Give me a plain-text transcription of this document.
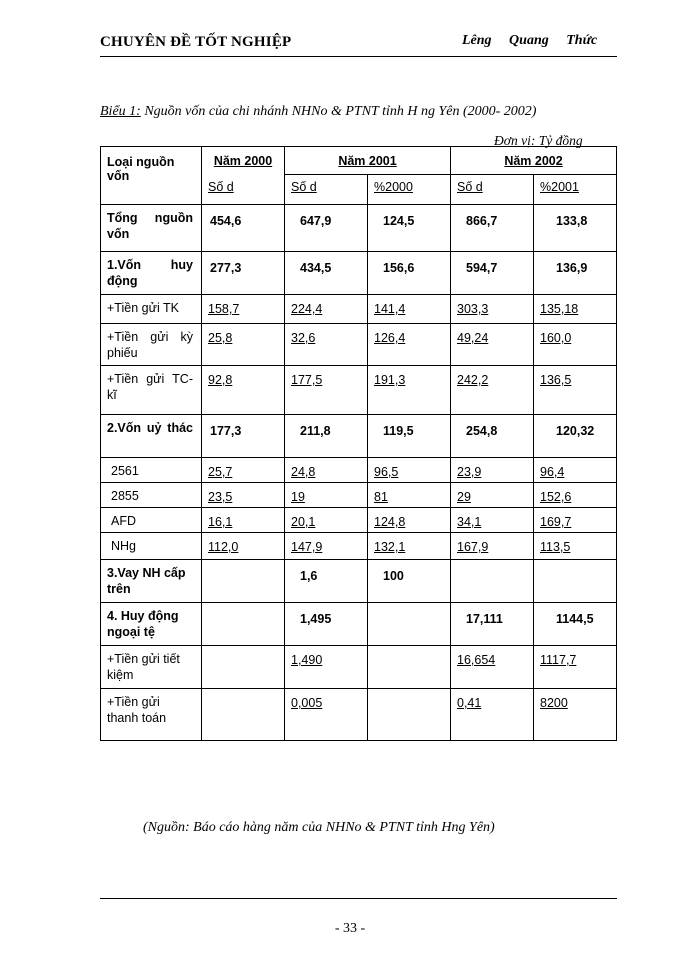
CHUYÊN ĐỀ TỐT NGHIỆP	Lêng Quang Thức
Biểu 1: Nguồn vốn của chi nhánh NHNo & PTNT tỉnh H ng Yên (2000- 2002)
Đơn vị: Tỷ đồng
Loại nguồn vốn	Năm 2000	Năm 2001		Năm 2002	

	Số d	Số d	%2000	Số d	%2001

Tổng nguồn vốn	454,6	647,9	124,5	866,7	133,8

1.Vốn huy động	277,3	434,5	156,6	594,7	136,9

+Tiền gửi TK	158,7	224,4	141,4	303,3	135,18

+Tiền gửi kỳ phiếu	25,8	32,6	126,4	49,24	160,0

+Tiền gửi TC-kĩ	92,8	177,5	191,3	242,2	136,5

2.Vốn uỷ thác	177,3	211,8	119,5	254,8	120,32

2561	25,7	24,8	96,5	23,9	96,4

2855	23,5	19	81	29	152,6

AFD	16,1	20,1	124,8	34,1	169,7

NHg	112,0	147,9	132,1	167,9	113,5

3.Vay NH cấp trên		1,6	100		

4. Huy động ngoại tệ		1,495		17,111	1144,5

+Tiền gửi tiết kiệm		1,490		16,654	1117,7

+Tiền gửi thanh toán		0,005		0,41	8200
(Nguồn: Báo cáo hàng năm của NHNo & PTNT tỉnh Hng Yên)
- 33 -
